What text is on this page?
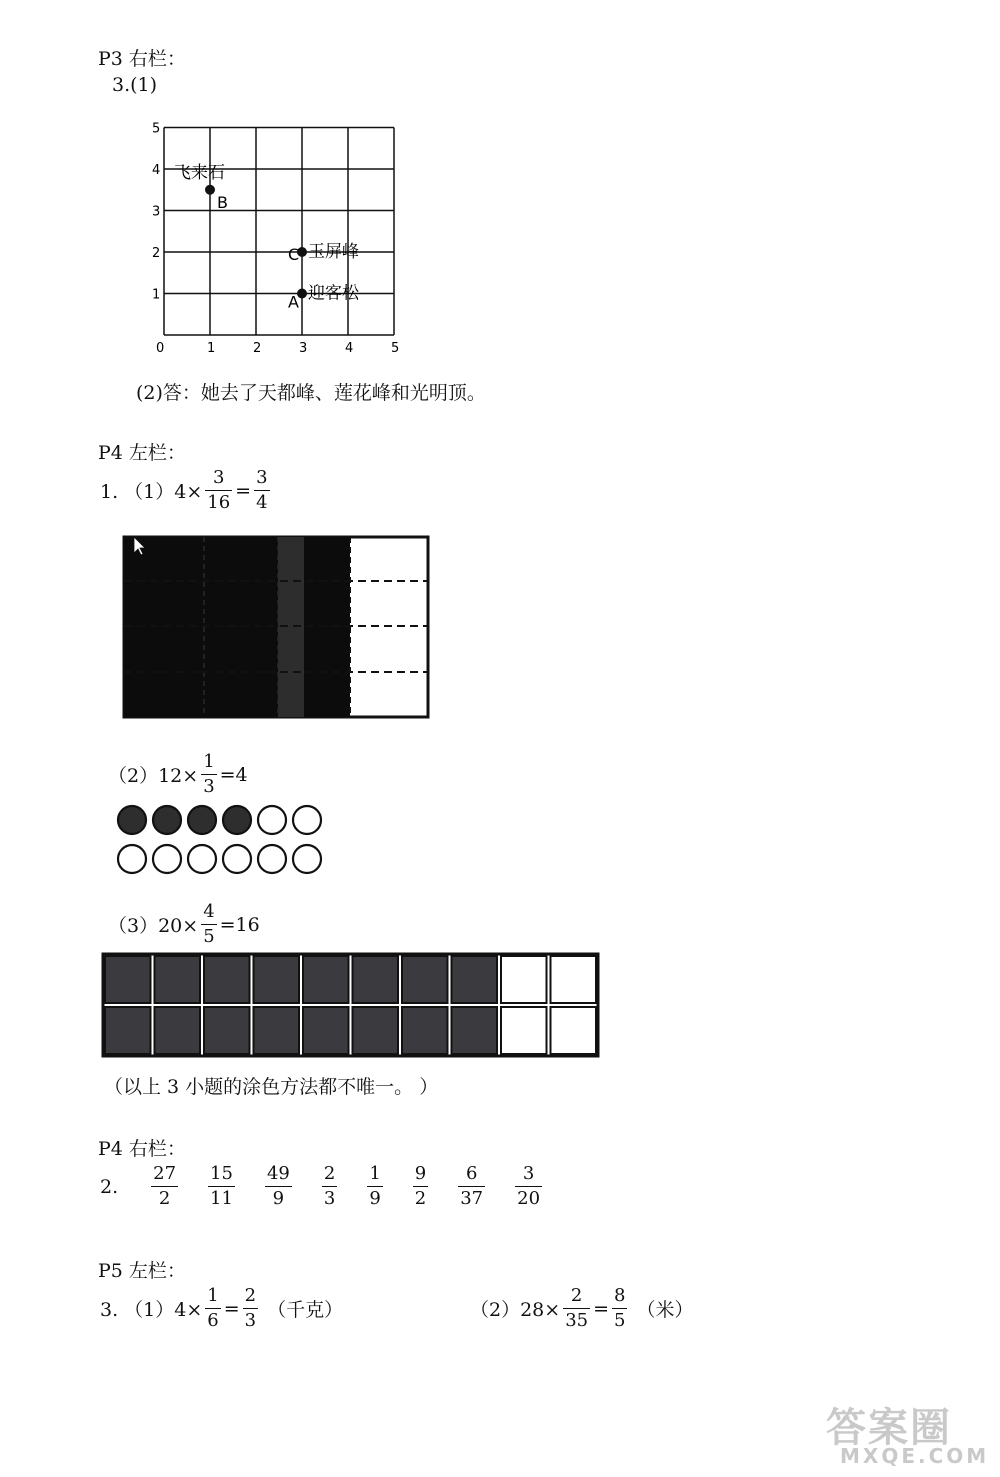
P3 右栏：
3.(1)
0	1	2	3	4	5
1
2
3
4
5
飞来石
B
C 玉屏峰
A 迎客松
(2)答：她去了天都峰、莲花峰和光明顶。
P4 左栏：
1. $(1)4\times \frac{3}{16} = \frac{3}{4}$
$(2)12\times \frac{1}{3} =4$
$(3)20\times \frac{4}{5} =16$
（以上 3 小题的涂色方法都不唯一。 ）
P4 右栏：
2. $\frac{27}{2} \frac{15}{11} \frac{49}{9} \frac{2}{3} \frac{1}{9} \frac{9}{2} \frac{6}{37} \frac{3}{20}$
P5 左栏：
3. $(1)4\times \frac{1}{6} = \frac{2}{3}$ （千克）	$(2)28\times \frac{2}{35} = \frac{8}{5}$ （米）
答案圈
MXQE.COM
